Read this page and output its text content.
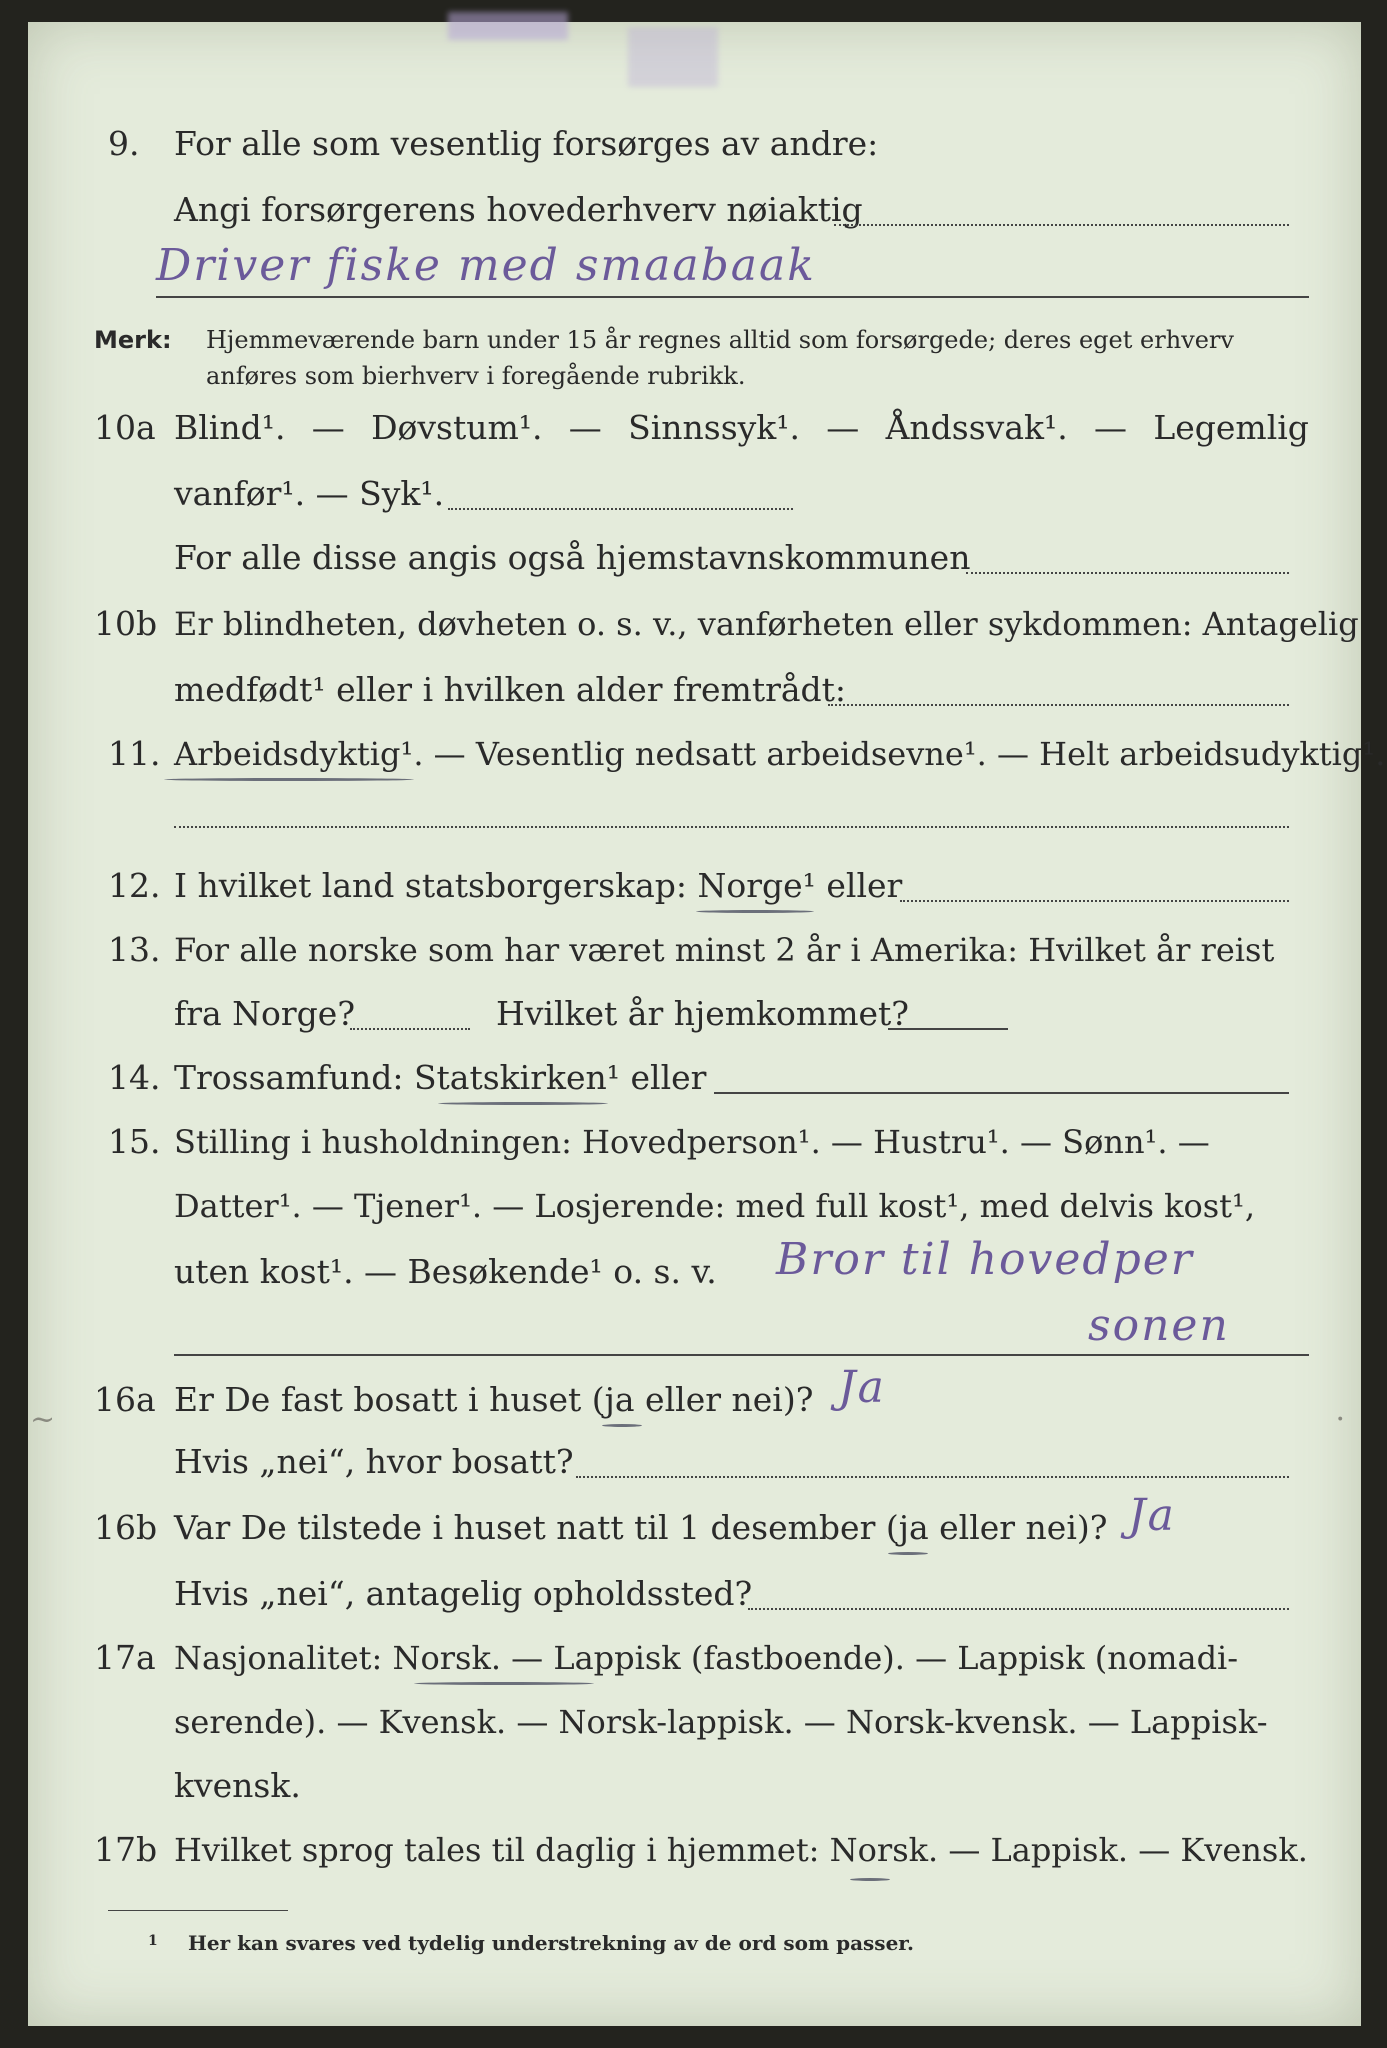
9. For alle som vesentlig forsørges av andre:
Angi forsørgerens hovederhverv nøiaktig
Driver fiske med smaabaak
Merk: Hjemmeværende barn under 15 år regnes alltid som forsørgede; deres eget erhverv
anføres som bierhverv i foregående rubrikk.
10a Blind¹. — Døvstum¹. — Sinnssyk¹. — Åndssvak¹. — Legemlig
vanfør¹. — Syk¹.
For alle disse angis også hjemstavnskommunen
10b Er blindheten, døvheten o. s. v., vanførheten eller sykdommen: Antagelig
medfødt¹ eller i hvilken alder fremtrådt:
11. Arbeidsdyktig¹. — Vesentlig nedsatt arbeidsevne¹. — Helt arbeidsudyktig¹.
12. I hvilket land statsborgerskap: Norge¹ eller
13. For alle norske som har været minst 2 år i Amerika: Hvilket år reist
fra Norge?	Hvilket år hjemkommet?
14. Trossamfund: Statskirken¹ eller
15. Stilling i husholdningen: Hovedperson¹. — Hustru¹. — Sønn¹. —
Datter¹. — Tjener¹. — Losjerende: med full kost¹, med delvis kost¹,
uten kost¹. — Besøkende¹ o. s. v. Bror til hovedper
sonen
16a Er De fast bosatt i huset (ja eller nei)? Ja
Hvis „nei“, hvor bosatt?
16b Var De tilstede i huset natt til 1 desember (ja eller nei)? Ja
Hvis „nei“, antagelig opholdssted?
17a Nasjonalitet: Norsk. — Lappisk (fastboende). — Lappisk (nomadi-
serende). — Kvensk. — Norsk-lappisk. — Norsk-kvensk. — Lappisk-
kvensk.
17b Hvilket sprog tales til daglig i hjemmet: Norsk. — Lappisk. — Kvensk.
1 Her kan svares ved tydelig understrekning av de ord som passer.
~	·
